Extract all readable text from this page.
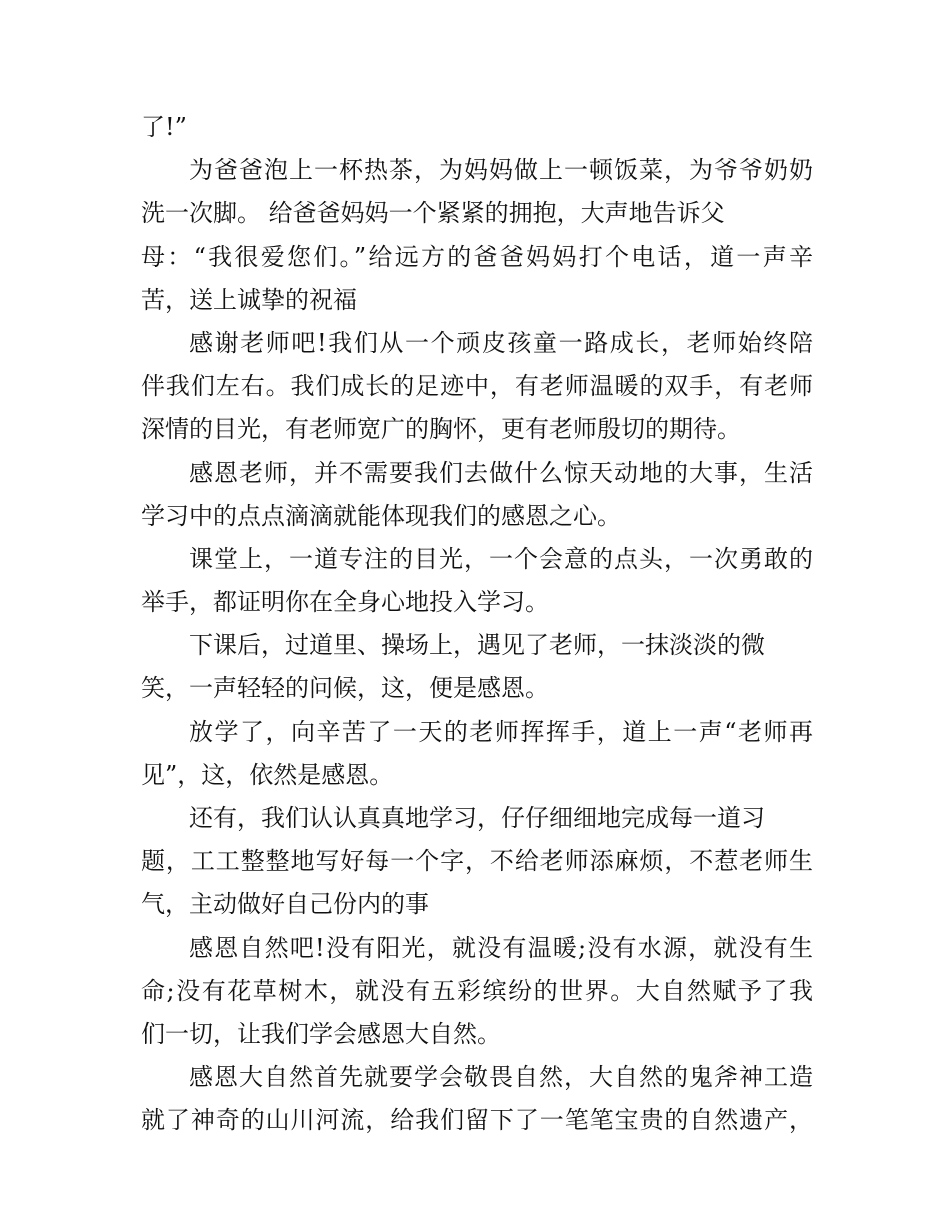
了!”
为爸爸泡上一杯热茶，为妈妈做上一顿饭菜，为爷爷奶奶
洗一次脚。 给爸爸妈妈一个紧紧的拥抱，大声地告诉父
母：“我很爱您们。”给远方的爸爸妈妈打个电话，道一声辛
苦，送上诚挚的祝福
感谢老师吧!我们从一个顽皮孩童一路成长，老师始终陪
伴我们左右。我们成长的足迹中，有老师温暖的双手，有老师
深情的目光，有老师宽广的胸怀，更有老师殷切的期待。
感恩老师，并不需要我们去做什么惊天动地的大事，生活
学习中的点点滴滴就能体现我们的感恩之心。
课堂上，一道专注的目光，一个会意的点头，一次勇敢的
举手，都证明你在全身心地投入学习。
下课后，过道里、操场上，遇见了老师，一抹淡淡的微
笑，一声轻轻的问候，这，便是感恩。
放学了，向辛苦了一天的老师挥挥手，道上一声“老师再
见”，这，依然是感恩。
还有，我们认认真真地学习，仔仔细细地完成每一道习
题，工工整整地写好每一个字，不给老师添麻烦，不惹老师生
气，主动做好自己份内的事
感恩自然吧!没有阳光，就没有温暖;没有水源，就没有生
命;没有花草树木，就没有五彩缤纷的世界。大自然赋予了我
们一切，让我们学会感恩大自然。
感恩大自然首先就要学会敬畏自然，大自然的鬼斧神工造
就了神奇的山川河流，给我们留下了一笔笔宝贵的自然遗产，
